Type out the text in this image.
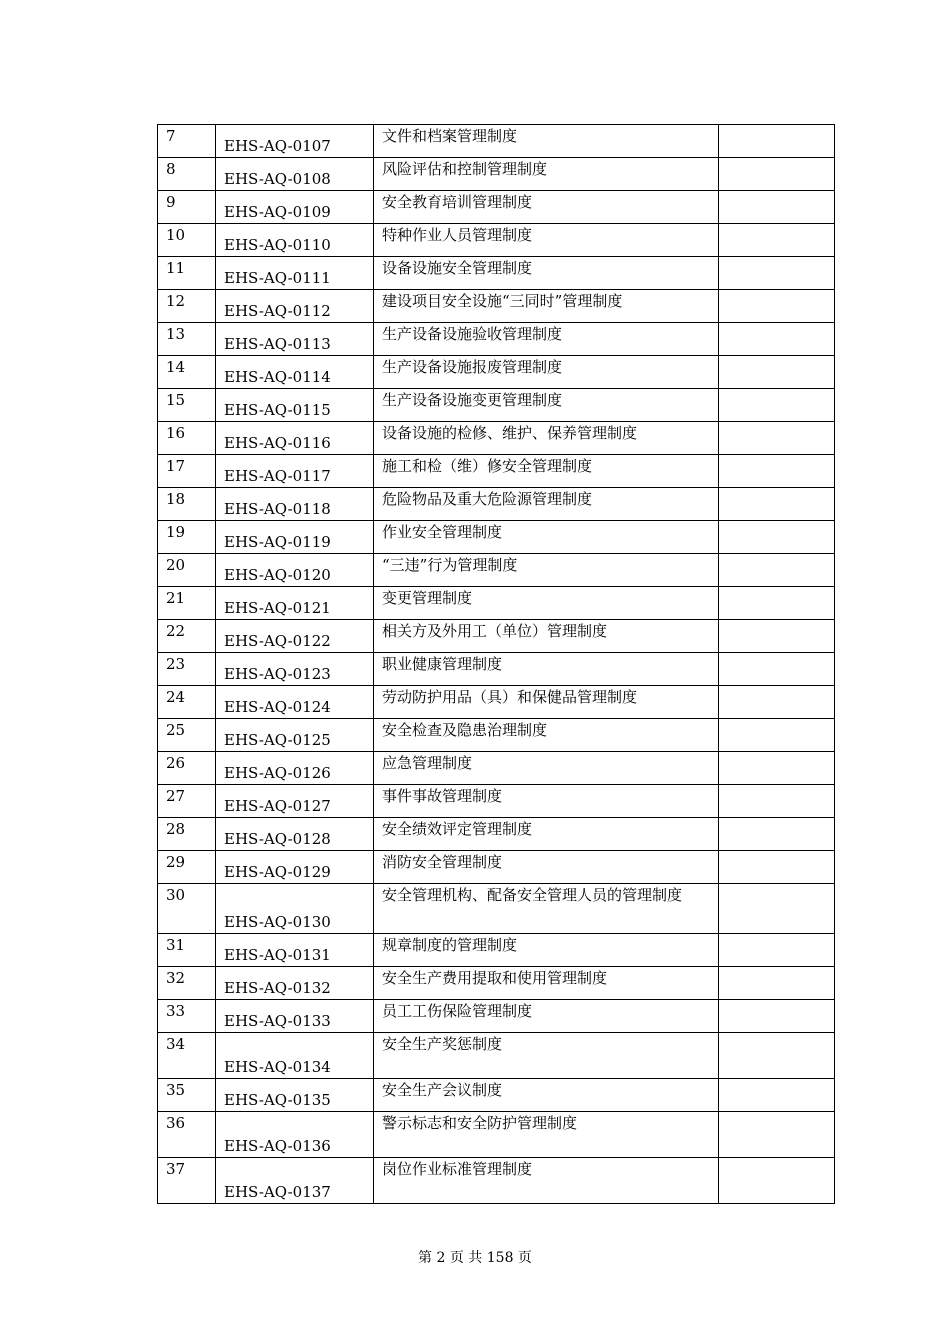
7	EHS-AQ-0107	文件和档案管理制度	
8	EHS-AQ-0108	风险评估和控制管理制度	
9	EHS-AQ-0109	安全教育培训管理制度	
10	EHS-AQ-0110	特种作业人员管理制度	
11	EHS-AQ-0111	设备设施安全管理制度	
12	EHS-AQ-0112	建设项目安全设施“三同时”管理制度	
13	EHS-AQ-0113	生产设备设施验收管理制度	
14	EHS-AQ-0114	生产设备设施报废管理制度	
15	EHS-AQ-0115	生产设备设施变更管理制度	
16	EHS-AQ-0116	设备设施的检修、维护、保养管理制度	
17	EHS-AQ-0117	施工和检（维）修安全管理制度	
18	EHS-AQ-0118	危险物品及重大危险源管理制度	
19	EHS-AQ-0119	作业安全管理制度	
20	EHS-AQ-0120	“三违”行为管理制度	
21	EHS-AQ-0121	变更管理制度	
22	EHS-AQ-0122	相关方及外用工（单位）管理制度	
23	EHS-AQ-0123	职业健康管理制度	
24	EHS-AQ-0124	劳动防护用品（具）和保健品管理制度	
25	EHS-AQ-0125	安全检查及隐患治理制度	
26	EHS-AQ-0126	应急管理制度	
27	EHS-AQ-0127	事件事故管理制度	
28	EHS-AQ-0128	安全绩效评定管理制度	
29	EHS-AQ-0129	消防安全管理制度	
30	EHS-AQ-0130	安全管理机构、配备安全管理人员的管理制度	
31	EHS-AQ-0131	规章制度的管理制度	
32	EHS-AQ-0132	安全生产费用提取和使用管理制度	
33	EHS-AQ-0133	员工工伤保险管理制度	
34	EHS-AQ-0134	安全生产奖惩制度	
35	EHS-AQ-0135	安全生产会议制度	
36	EHS-AQ-0136	警示标志和安全防护管理制度	
37	EHS-AQ-0137	岗位作业标准管理制度	
第 2 页 共 158 页
